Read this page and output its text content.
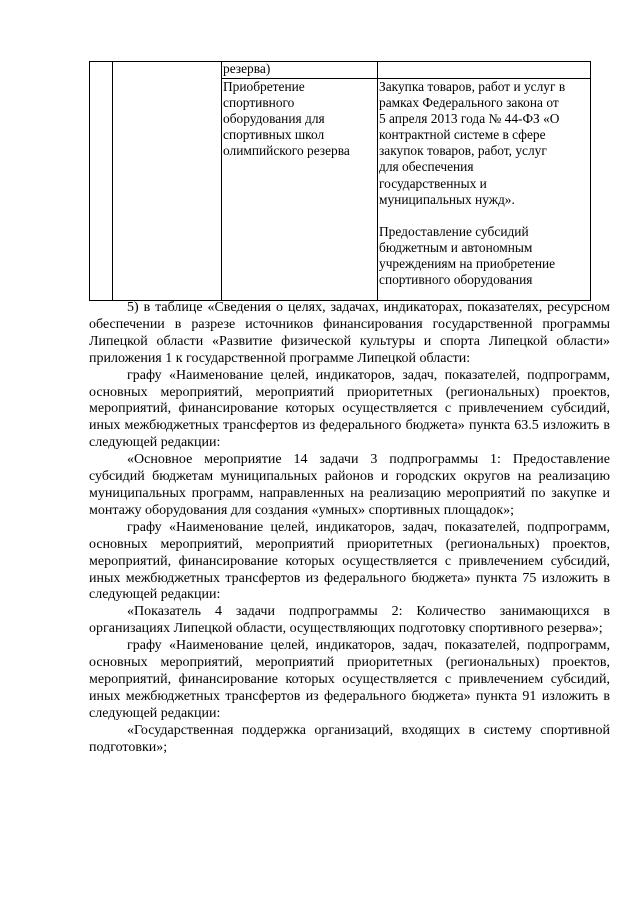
резерва)
Приобретение
спортивного
оборудования для
спортивных школ
олимпийского резерва
Закупка товаров, работ и услуг в
рамках Федерального закона от
5 апреля 2013 года № 44-ФЗ «О
контрактной системе в сфере
закупок товаров, работ, услуг
для обеспечения
государственных и
муниципальных нужд».

Предоставление субсидий
бюджетным и автономным
учреждениям на приобретение
спортивного оборудования

5) в таблице «Сведения о целях, задачах, индикаторах, показателях, ресурсном обеспечении в разрезе источников финансирования государственной программы Липецкой области «Развитие физической культуры и спорта Липецкой области» приложения 1 к государственной программе Липецкой области:

графу «Наименование целей, индикаторов, задач, показателей, подпрограмм, основных мероприятий, мероприятий приоритетных (региональных) проектов, мероприятий, финансирование которых осуществляется с привлечением субсидий, иных межбюджетных трансфертов из федерального бюджета» пункта 63.5 изложить в следующей редакции:

«Основное мероприятие 14 задачи 3 подпрограммы 1: Предоставление субсидий бюджетам муниципальных районов и городских округов на реализацию муниципальных программ, направленных на реализацию мероприятий по закупке и монтажу оборудования для создания «умных» спортивных площадок»;

графу «Наименование целей, индикаторов, задач, показателей, подпрограмм, основных мероприятий, мероприятий приоритетных (региональных) проектов, мероприятий, финансирование которых осуществляется с привлечением субсидий, иных межбюджетных трансфертов из федерального бюджета» пункта 75 изложить в следующей редакции:

«Показатель 4 задачи подпрограммы 2: Количество занимающихся в организациях Липецкой области, осуществляющих подготовку спортивного резерва»;

графу «Наименование целей, индикаторов, задач, показателей, подпрограмм, основных мероприятий, мероприятий приоритетных (региональных) проектов, мероприятий, финансирование которых осуществляется с привлечением субсидий, иных межбюджетных трансфертов из федерального бюджета» пункта 91 изложить в следующей редакции:

«Государственная поддержка организаций, входящих в систему спортивной подготовки»;
